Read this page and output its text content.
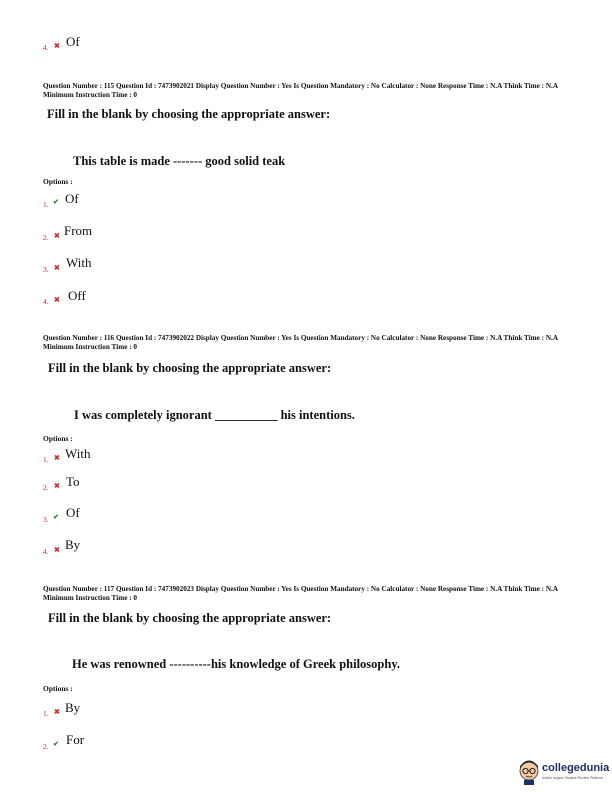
4. ✖ Of
Question Number : 115 Question Id : 7473902021 Display Question Number : Yes Is Question Mandatory : No Calculator : None Response Time : N.A Think Time : N.A Minimum Instruction Time : 0
Fill in the blank by choosing the appropriate answer:
This table is made ------- good solid teak
Options :
1. ✔ Of
2. ✖ From
3. ✖ With
4. ✖ Off
Question Number : 116 Question Id : 7473902022 Display Question Number : Yes Is Question Mandatory : No Calculator : None Response Time : N.A Think Time : N.A Minimum Instruction Time : 0
Fill in the blank by choosing the appropriate answer:
I was completely ignorant __________ his intentions.
Options :
1. ✖ With
2. ✖ To
3. ✔ Of
4. ✖ By
Question Number : 117 Question Id : 7473902023 Display Question Number : Yes Is Question Mandatory : No Calculator : None Response Time : N.A Think Time : N.A Minimum Instruction Time : 0
Fill in the blank by choosing the appropriate answer:
He was renowned ----------his knowledge of Greek philosophy.
Options :
1. ✖ By
2. ✔ For
collegedunia
India's largest Student Review Platform
